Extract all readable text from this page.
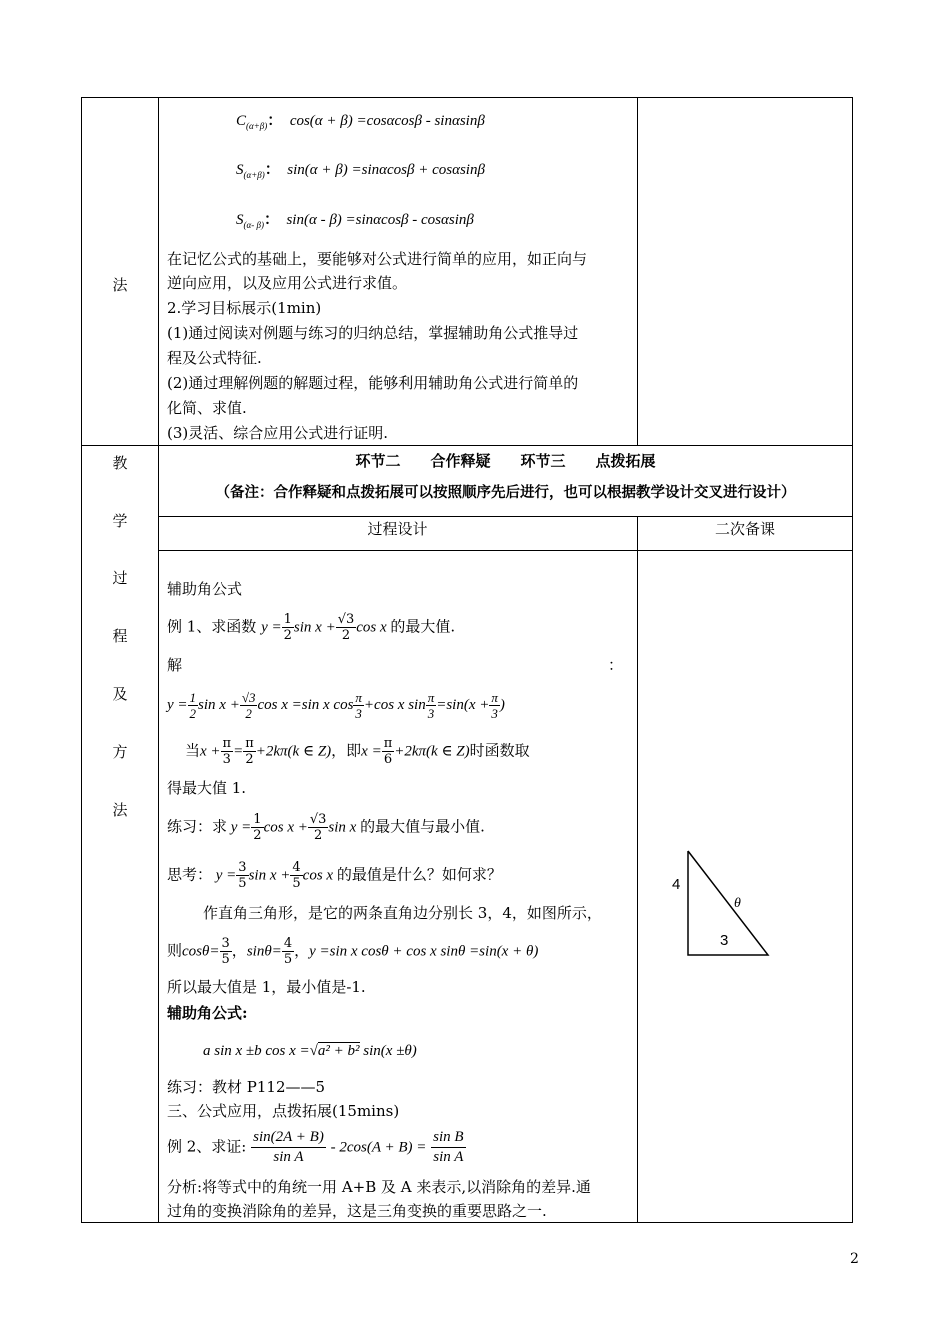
法
$C_{(\alpha+\beta)}$： cos(α + β) =cosαcosβ - sinαsinβ
$S_{(\alpha+\beta)}$： sin(α + β) =sinαcosβ + cosαsinβ
$S_{(\alpha- \beta)}$： sin(α - β) =sinαcosβ - cosαsinβ
在记忆公式的基础上，要能够对公式进行简单的应用，如正向与
逆向应用，以及应用公式进行求值。
2.学习目标展示(1min)
(1)通过阅读对例题与练习的归纳总结，掌握辅助角公式推导过
程及公式特征.
(2)通过理解例题的解题过程，能够利用辅助角公式进行简单的
化简、求值.
(3)灵活、综合应用公式进行证明.
教
学
过
程
及
方
法
环节二　　合作释疑　　环节三　　点拨拓展
（备注：合作释疑和点拨拓展可以按照顺序先后进行，也可以根据教学设计交叉进行设计）
过程设计	二次备课
辅助角公式
例 1、求函数 $y = \frac{1}{2}$ $\sin x + \frac{√3}{2}$ cos x 的最大值.
解	：
$y = \frac{1}{2}$ $\sin x + \frac{√3}{2}$ cos x =sin x $\cos \frac{\pi}{3} +\cos$ x $\sin \frac{\pi}{3} =\sin(x + \frac{\pi}{3}$ )
当$x + \frac{\pi}{3} = \frac{\pi}{2} +2k\pi(k$ ∈ Z)，即$x = \frac{\pi}{6} +2k\pi(k$ ∈ Z)时函数取
得最大值 1.
练习：求 $y = \frac{1}{2}$ $\cos x + \frac{√3}{2}$ sin x 的最大值与最小值.
思考： $y = \frac{3}{5}$ $\sin x + \frac{4}{5}$ cos x 的最值是什么？如何求？
作直角三角形，是它的两条直角边分别长 3，4，如图所示，
则$\cos\theta= \frac{3}{5}$ ，$\sin\theta= \frac{4}{5}$ ，y =sin x cosθ + cos x sinθ =sin(x + θ)
所以最大值是 1，最小值是-1.
辅助角公式:
a sin x ±b cos x =√a² + b² sin(x ±θ)
练习：教材 P112——5
三、公式应用，点拨拓展(15mins)
例 2、求证: $\frac{\sin(2A + B)}{\text{sin A}} - 2\cos(A + B) = \frac{\text{sin B}}{\text{sin A}}$
分析:将等式中的角统一用 A+B 及 A 来表示,以消除角的差异.通
过角的变换消除角的差异，这是三角变换的重要思路之一.
4
3
θ
2
